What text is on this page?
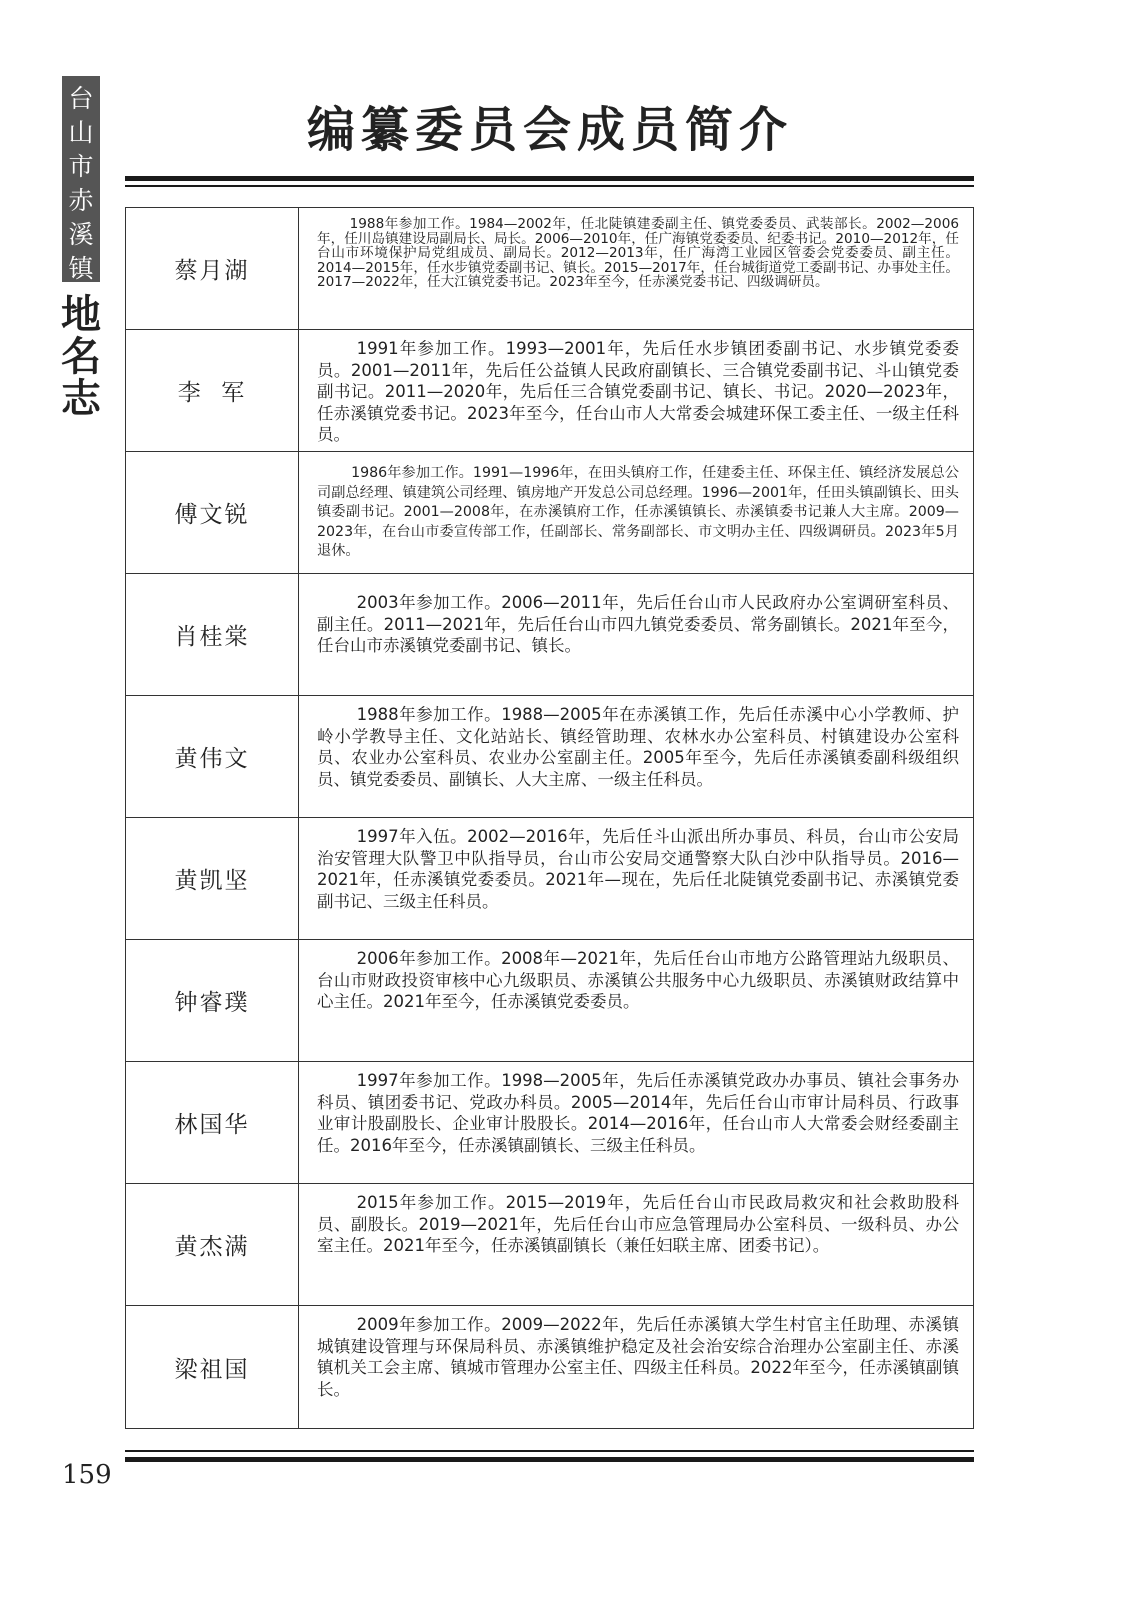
台
山
市
赤
溪
镇
地
名
志
编纂委员会成员简介
蔡月湖
1988年参加工作。1984—2002年，任北陡镇建委副主任、镇党委委员、武装部长。2002—2006年，任川岛镇建设局副局长、局长。2006—2010年，任广海镇党委委员、纪委书记。2010—2012年，任台山市环境保护局党组成员、副局长。2012—2013年，任广海湾工业园区管委会党委委员、副主任。2014—2015年，任水步镇党委副书记、镇长。2015—2017年，任台城街道党工委副书记、办事处主任。2017—2022年，任大江镇党委书记。2023年至今，任赤溪党委书记、四级调研员。
李  军
1991年参加工作。1993—2001年，先后任水步镇团委副书记、水步镇党委委员。2001—2011年，先后任公益镇人民政府副镇长、三合镇党委副书记、斗山镇党委副书记。2011—2020年，先后任三合镇党委副书记、镇长、书记。2020—2023年，任赤溪镇党委书记。2023年至今，任台山市人大常委会城建环保工委主任、一级主任科员。
傅文锐
1986年参加工作。1991—1996年，在田头镇府工作，任建委主任、环保主任、镇经济发展总公司副总经理、镇建筑公司经理、镇房地产开发总公司总经理。1996—2001年，任田头镇副镇长、田头镇委副书记。2001—2008年，在赤溪镇府工作，任赤溪镇镇长、赤溪镇委书记兼人大主席。2009—2023年，在台山市委宣传部工作，任副部长、常务副部长、市文明办主任、四级调研员。2023年5月退休。
肖桂棠
2003年参加工作。2006—2011年，先后任台山市人民政府办公室调研室科员、副主任。2011—2021年，先后任台山市四九镇党委委员、常务副镇长。2021年至今，任台山市赤溪镇党委副书记、镇长。
黄伟文
1988年参加工作。1988—2005年在赤溪镇工作，先后任赤溪中心小学教师、护岭小学教导主任、文化站站长、镇经管助理、农林水办公室科员、村镇建设办公室科员、农业办公室科员、农业办公室副主任。2005年至今，先后任赤溪镇委副科级组织员、镇党委委员、副镇长、人大主席、一级主任科员。
黄凯坚
1997年入伍。2002—2016年，先后任斗山派出所办事员、科员，台山市公安局治安管理大队警卫中队指导员，台山市公安局交通警察大队白沙中队指导员。2016—2021年，任赤溪镇党委委员。2021年—现在，先后任北陡镇党委副书记、赤溪镇党委副书记、三级主任科员。
钟睿璞
2006年参加工作。2008年—2021年，先后任台山市地方公路管理站九级职员、台山市财政投资审核中心九级职员、赤溪镇公共服务中心九级职员、赤溪镇财政结算中心主任。2021年至今，任赤溪镇党委委员。
林国华
1997年参加工作。1998—2005年，先后任赤溪镇党政办办事员、镇社会事务办科员、镇团委书记、党政办科员。2005—2014年，先后任台山市审计局科员、行政事业审计股副股长、企业审计股股长。2014—2016年，任台山市人大常委会财经委副主任。2016年至今，任赤溪镇副镇长、三级主任科员。
黄杰满
2015年参加工作。2015—2019年，先后任台山市民政局救灾和社会救助股科员、副股长。2019—2021年，先后任台山市应急管理局办公室科员、一级科员、办公室主任。2021年至今，任赤溪镇副镇长（兼任妇联主席、团委书记）。
梁祖国
2009年参加工作。2009—2022年，先后任赤溪镇大学生村官主任助理、赤溪镇城镇建设管理与环保局科员、赤溪镇维护稳定及社会治安综合治理办公室副主任、赤溪镇机关工会主席、镇城市管理办公室主任、四级主任科员。2022年至今，任赤溪镇副镇长。
159
